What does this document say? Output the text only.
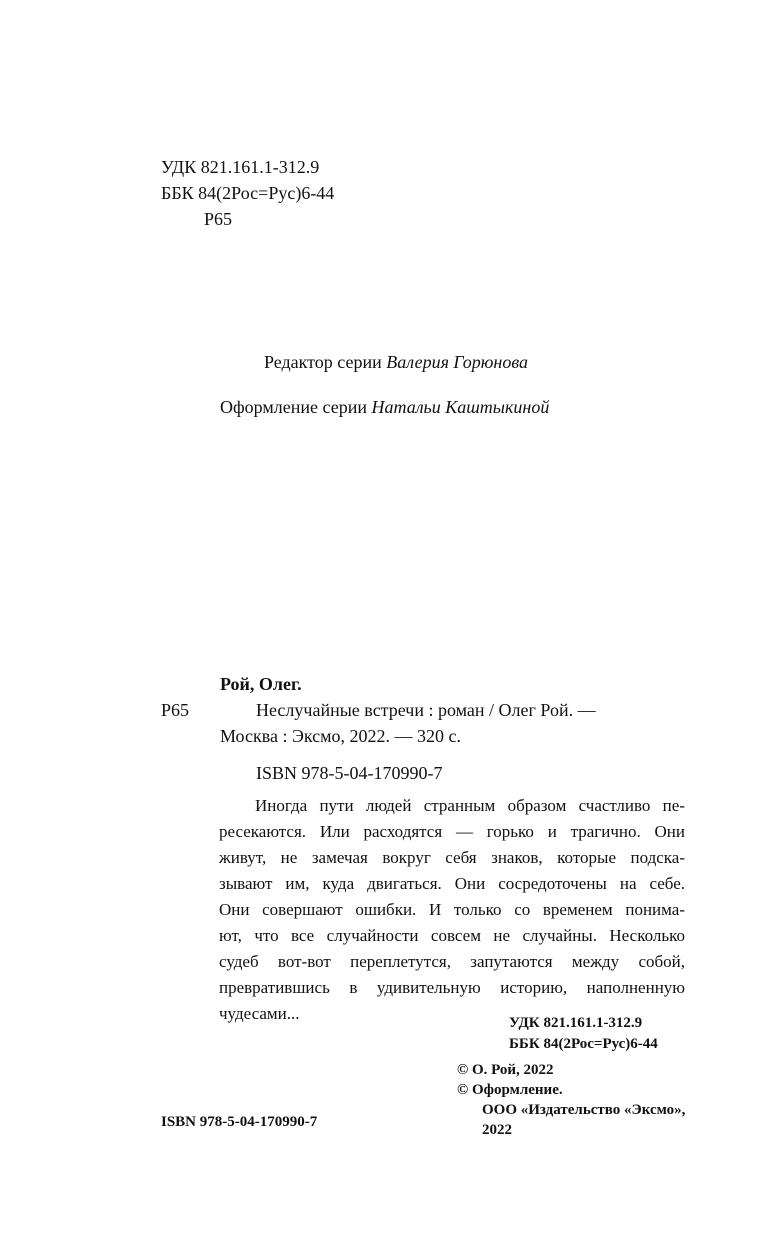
УДК 821.161.1-312.9
ББК 84(2Рос=Рус)6-44
Р65
Редактор серии Валерия Горюнова
Оформление серии Натальи Каштыкиной
Рой, Олег.
Р65	Неслучайные встречи : роман / Олег Рой. —
Москва : Эксмо, 2022. — 320 с.
ISBN 978-5-04-170990-7
Иногда пути людей странным образом счастливо пе-
ресекаются. Или расходятся — горько и трагично. Они
живут, не замечая вокруг себя знаков, которые подска-
зывают им, куда двигаться. Они сосредоточены на себе.
Они совершают ошибки. И только со временем понима-
ют, что все случайности совсем не случайны. Несколько
судеб вот-вот переплетутся, запутаются между собой,
превратившись в удивительную историю, наполненную
чудесами...	УДК 821.161.1-312.9
ББК 84(2Рос=Рус)6-44
© О. Рой, 2022
© Оформление.
ООО «Издательство «Эксмо»,
2022
ISBN 978-5-04-170990-7
